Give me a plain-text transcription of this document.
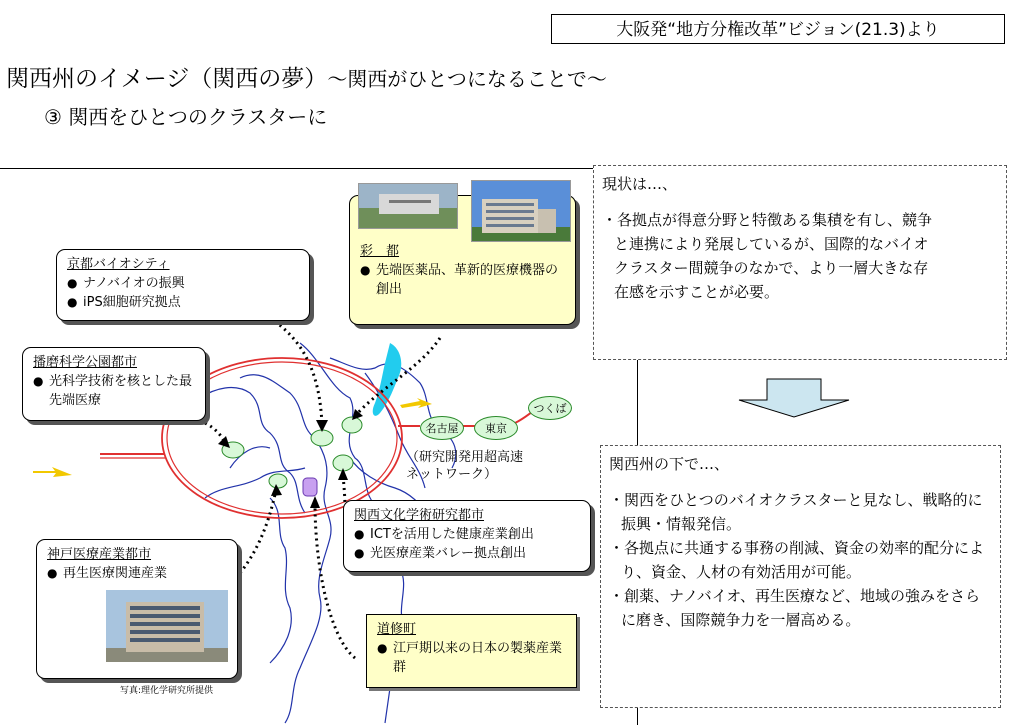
大阪発“地方分権改革”ビジョン(21.3)より
関西州のイメージ（関西の夢）～関西がひとつになることで～
③ 関西をひとつのクラスターに
名古屋	東京
つくば
（研究開発用超高速
ネットワーク）
彩　都
● 先端医薬品、革新的医療機器の創出
京都バイオシティ
● ナノバイオの振興
● iPS細胞研究拠点
播磨科学公園都市
● 光科学技術を核とした最先端医療
関西文化学術研究都市
● ICTを活用した健康産業創出
● 光医療産業バレー拠点創出
神戸医療産業都市
● 再生医療関連産業
写真:理化学研究所提供
道修町
● 江戸期以来の日本の製薬産業群

現状は…、

・各拠点が得意分野と特徴ある集積を有し、競争と連携により発展しているが、国際的なバイオクラスター間競争のなかで、より一層大きな存在感を示すことが必要。

関西州の下で…、

・関西をひとつのバイオクラスターと見なし、戦略的に振興・情報発信。

・各拠点に共通する事務の削減、資金の効率的配分により、資金、人材の有効活用が可能。

・創薬、ナノバイオ、再生医療など、地域の強みをさらに磨き、国際競争力を一層高める。
